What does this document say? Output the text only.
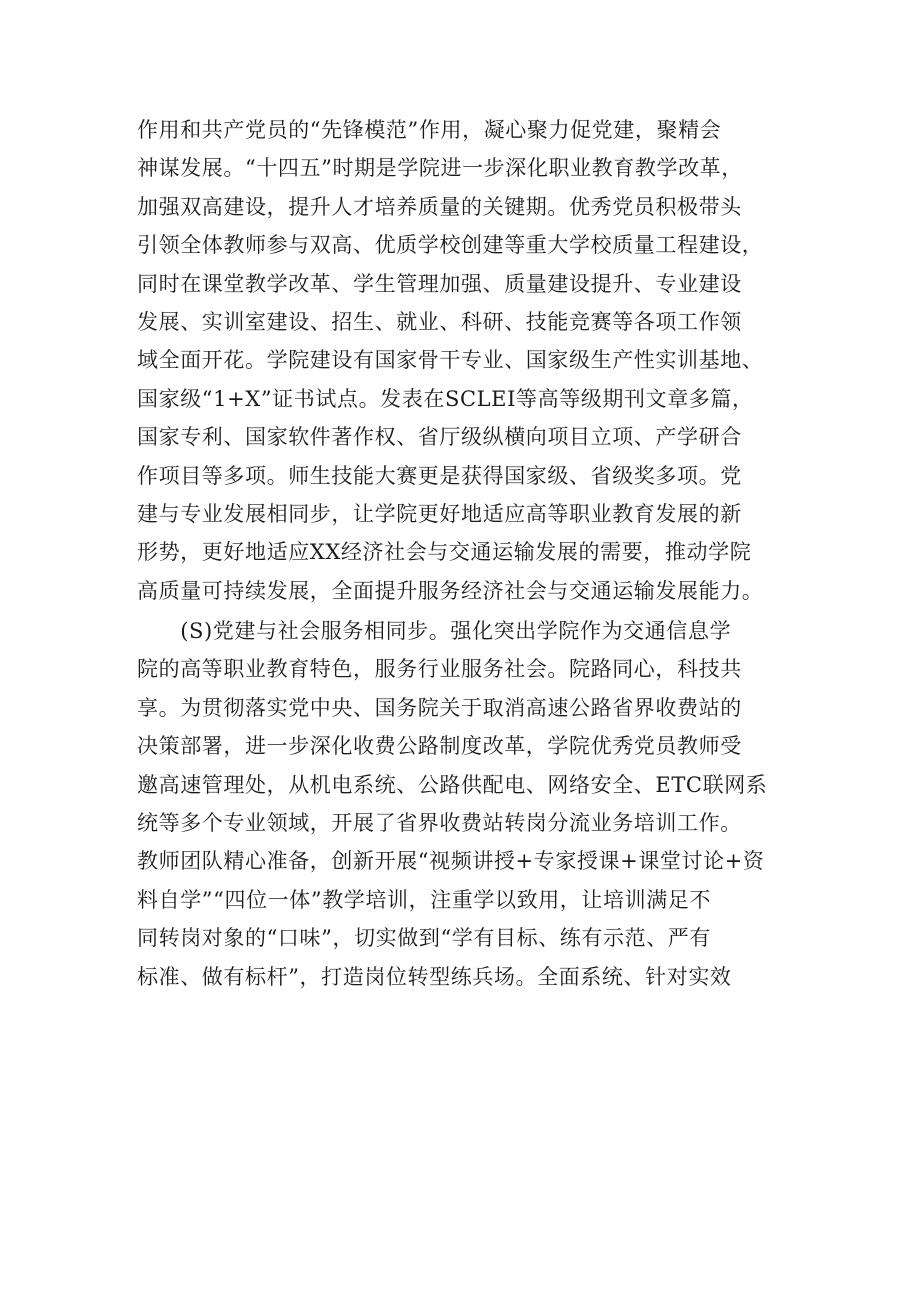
作用和共产党员的“先锋模范”作用，凝心聚力促党建，聚精会
神谋发展。“十四五”时期是学院进一步深化职业教育教学改革，
加强双高建设，提升人才培养质量的关键期。优秀党员积极带头
引领全体教师参与双高、优质学校创建等重大学校质量工程建设，
同时在课堂教学改革、学生管理加强、质量建设提升、专业建设
发展、实训室建设、招生、就业、科研、技能竞赛等各项工作领
域全面开花。学院建设有国家骨干专业、国家级生产性实训基地、
国家级“1+X”证书试点。发表在SCLEI等高等级期刊文章多篇，
国家专利、国家软件著作权、省厅级纵横向项目立项、产学研合
作项目等多项。师生技能大赛更是获得国家级、省级奖多项。党
建与专业发展相同步，让学院更好地适应高等职业教育发展的新
形势，更好地适应XX经济社会与交通运输发展的需要，推动学院
高质量可持续发展，全面提升服务经济社会与交通运输发展能力。
　　(S)党建与社会服务相同步。强化突出学院作为交通信息学
院的高等职业教育特色，服务行业服务社会。院路同心，科技共
享。为贯彻落实党中央、国务院关于取消高速公路省界收费站的
决策部署，进一步深化收费公路制度改革，学院优秀党员教师受
邀高速管理处，从机电系统、公路供配电、网络安全、ETC联网系
统等多个专业领域，开展了省界收费站转岗分流业务培训工作。
教师团队精心准备，创新开展“视频讲授+专家授课+课堂讨论+资
料自学”“四位一体”教学培训，注重学以致用，让培训满足不
同转岗对象的“口味”，切实做到“学有目标、练有示范、严有
标准、做有标杆”，打造岗位转型练兵场。全面系统、针对实效
